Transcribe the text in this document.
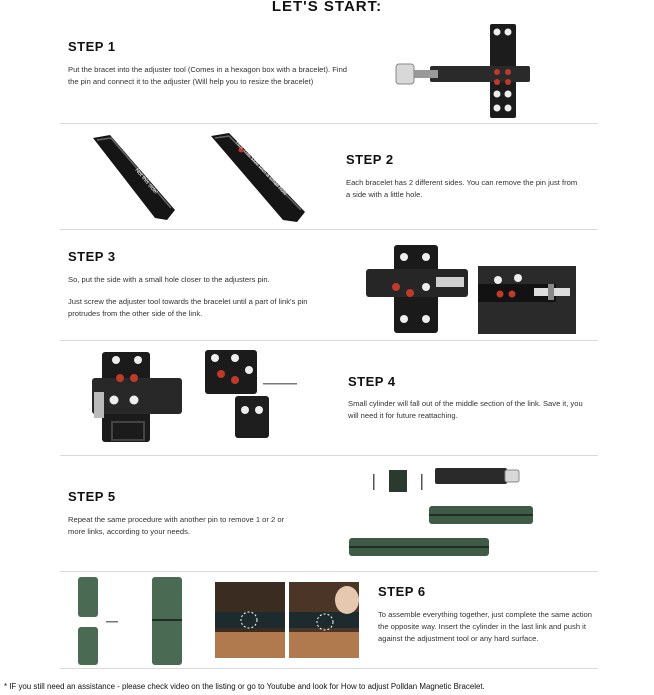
LET'S START:
STEP 1

Put the bracet into the adjuster tool (Comes in a hexagon box with a bracelet). Find the pin and connect it to the adjuster (Will help you to resize the bracelet)

Not this side!	Yes! This side with a small hole	STEP 2

Each bracelet has 2 different sides. You can remove the pin just from a side with a little hole.

STEP 3

So, put the side with a small hole closer to the adjusters pin.

Just screw the adjuster tool towards the bracelet until a part of link's pin protrudes from the other side of the link.

STEP 4

Small cylinder will fall out of the middle section of the link. Save it, you will need it for future reattaching.

STEP 5

Repeat the same procedure with another pin to remove 1 or 2 or more links, according to your needs.

STEP 6

To assemble everything together, just complete the same action the opposite way. Insert the cylinder in the last link and push it against the adjustment tool or any hard surface.

* IF you still need an assistance - please check video on the listing or go to Youtube and look for How to adjust Polldan Magnetic Bracelet.
